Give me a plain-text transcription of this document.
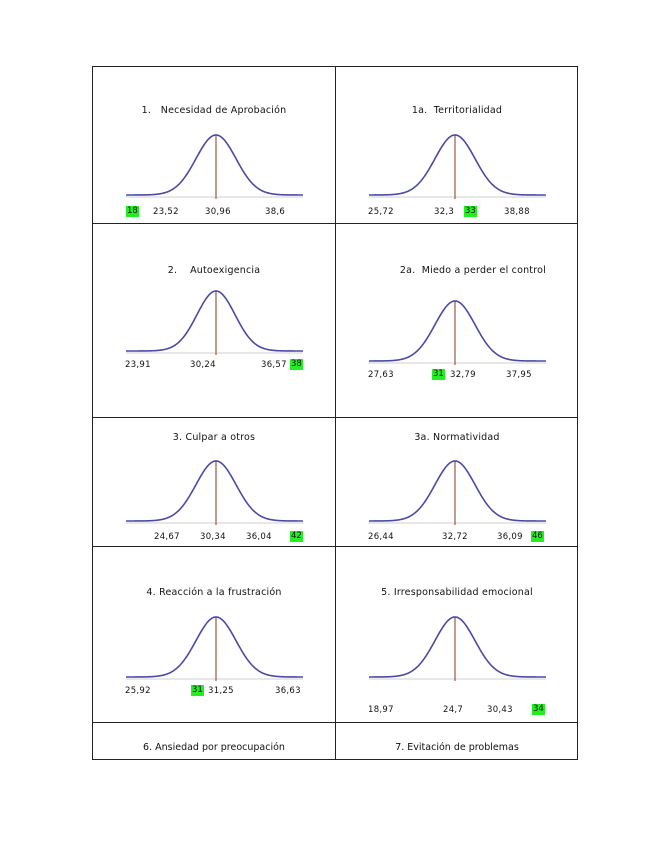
1.   Necesidad de Aprobación
18 23,52	30,96	38,6
1a.  Territorialidad
25,72	32,3 33	38,88
2.    Autoexigencia
23,91	30,24	36,57 38
2a.  Miedo a perder el control
27,63	31 32,79	37,95
3. Culpar a otros
24,67 30,34 36,04 42
3a. Normatividad
26,44	32,72	36,09 46
4. Reacción a la frustración
25,92	31 31,25	36,63
5. Irresponsabilidad emocional
18,97	24,7	30,43 34
6. Ansiedad por preocupación	7. Evitación de problemas
